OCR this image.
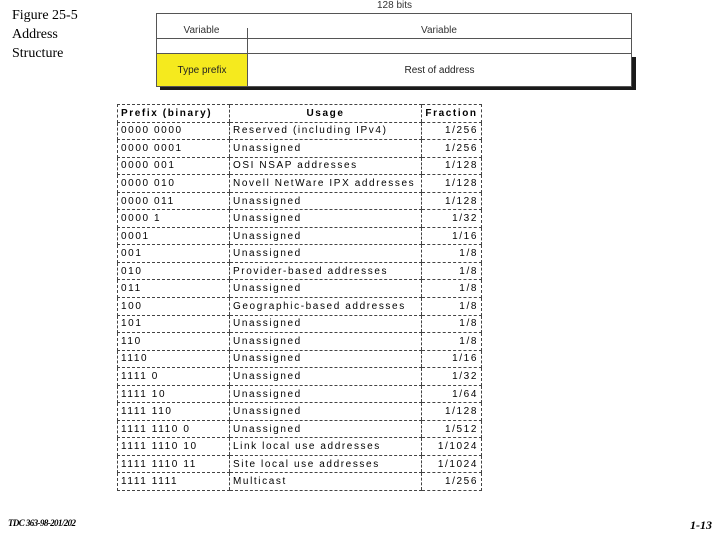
Figure 25-5
Address
Structure
128 bits
Variable	Variable
Type prefix	Rest of address
Prefix (binary)	Usage	Fraction
0000 0000	Reserved (including IPv4)	1/256
0000 0001	Unassigned	1/256
0000 001	OSI NSAP addresses	1/128
0000 010	Novell NetWare IPX addresses	1/128
0000 011	Unassigned	1/128
0000 1	Unassigned	1/32
0001	Unassigned	1/16
001	Unassigned	1/8
010	Provider-based addresses	1/8
011	Unassigned	1/8
100	Geographic-based addresses	1/8
101	Unassigned	1/8
110	Unassigned	1/8
1110	Unassigned	1/16
1111 0	Unassigned	1/32
1111 10	Unassigned	1/64
1111 110	Unassigned	1/128
1111 1110 0	Unassigned	1/512
1111 1110 10	Link local use addresses	1/1024
1111 1110 11	Site local use addresses	1/1024
1111 1111	Multicast	1/256
TDC 363-98-201/202	1-13
